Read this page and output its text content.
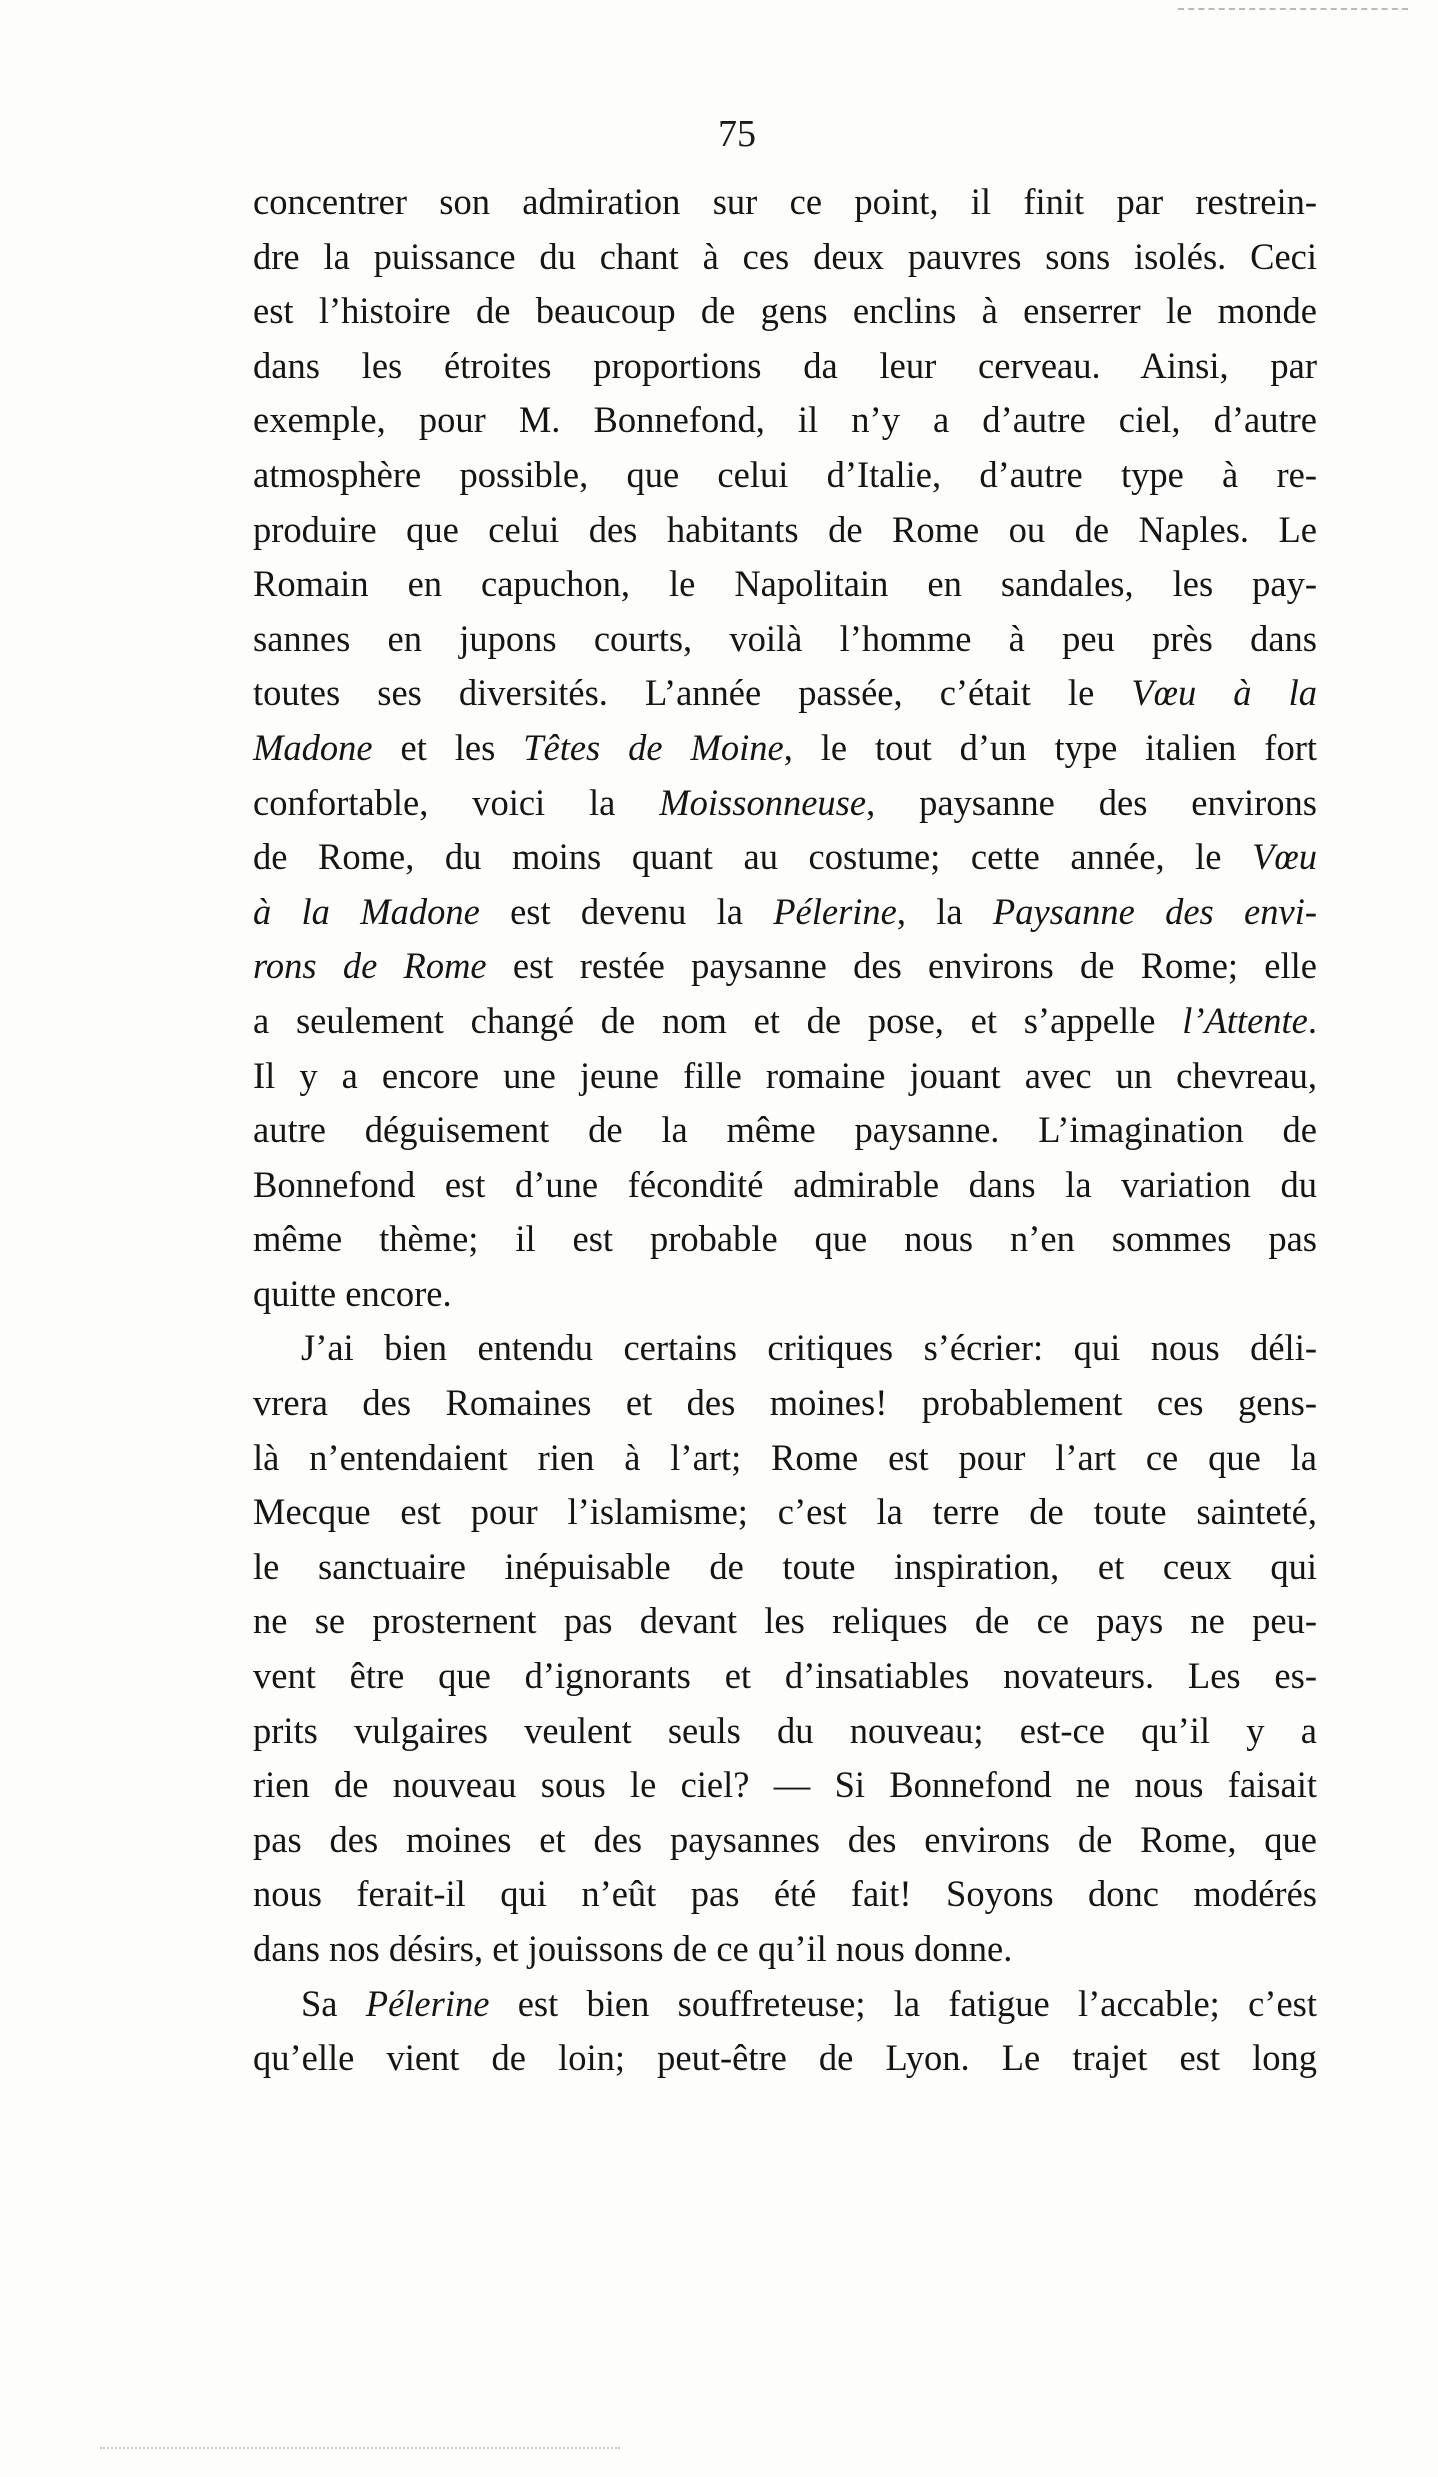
75
concentrer son admiration sur ce point, il finit par restrein-
dre la puissance du chant à ces deux pauvres sons isolés. Ceci
est l’histoire de beaucoup de gens enclins à enserrer le monde
dans les étroites proportions da leur cerveau. Ainsi, par
exemple, pour M. Bonnefond, il n’y a d’autre ciel, d’autre
atmosphère possible, que celui d’Italie, d’autre type à re-
produire que celui des habitants de Rome ou de Naples. Le
Romain en capuchon, le Napolitain en sandales, les pay-
sannes en jupons courts, voilà l’homme à peu près dans
toutes ses diversités. L’année passée, c’était le Vœu à la
Madone et les Têtes de Moine, le tout d’un type italien fort
confortable, voici la Moissonneuse, paysanne des environs
de Rome, du moins quant au costume; cette année, le Vœu
à la Madone est devenu la Pélerine, la Paysanne des envi-
rons de Rome est restée paysanne des environs de Rome; elle
a seulement changé de nom et de pose, et s’appelle l’Attente.
Il y a encore une jeune fille romaine jouant avec un chevreau,
autre déguisement de la même paysanne. L’imagination de
Bonnefond est d’une fécondité admirable dans la variation du
même thème; il est probable que nous n’en sommes pas
quitte encore.
J’ai bien entendu certains critiques s’écrier: qui nous déli-
vrera des Romaines et des moines! probablement ces gens-
là n’entendaient rien à l’art; Rome est pour l’art ce que la
Mecque est pour l’islamisme; c’est la terre de toute sainteté,
le sanctuaire inépuisable de toute inspiration, et ceux qui
ne se prosternent pas devant les reliques de ce pays ne peu-
vent être que d’ignorants et d’insatiables novateurs. Les es-
prits vulgaires veulent seuls du nouveau; est-ce qu’il y a
rien de nouveau sous le ciel? — Si Bonnefond ne nous faisait
pas des moines et des paysannes des environs de Rome, que
nous ferait-il qui n’eût pas été fait! Soyons donc modérés
dans nos désirs, et jouissons de ce qu’il nous donne.
Sa Pélerine est bien souffreteuse; la fatigue l’accable; c’est
qu’elle vient de loin; peut-être de Lyon. Le trajet est long
